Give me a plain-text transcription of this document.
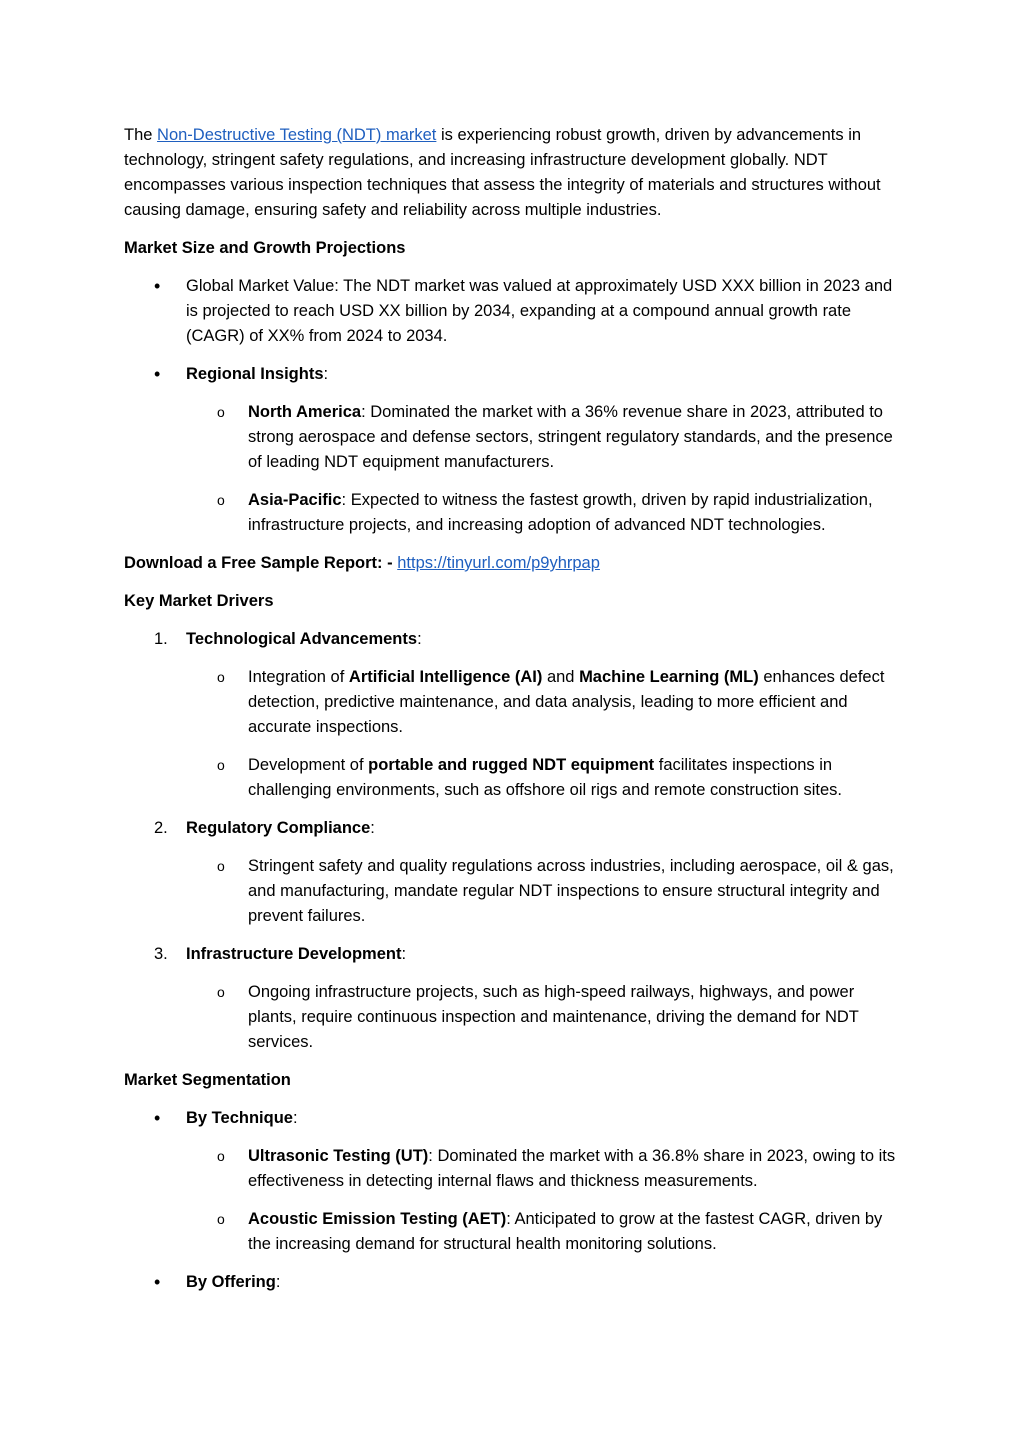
The Non-Destructive Testing (NDT) market is experiencing robust growth, driven by advancements in technology, stringent safety regulations, and increasing infrastructure development globally. NDT encompasses various inspection techniques that assess the integrity of materials and structures without causing damage, ensuring safety and reliability across multiple industries.

Market Size and Growth Projections

• Global Market Value: The NDT market was valued at approximately USD XXX billion in 2023 and is projected to reach USD XX billion by 2034, expanding at a compound annual growth rate (CAGR) of XX% from 2024 to 2034.
• Regional Insights:
o North America: Dominated the market with a 36% revenue share in 2023, attributed to strong aerospace and defense sectors, stringent regulatory standards, and the presence of leading NDT equipment manufacturers.
o Asia-Pacific: Expected to witness the fastest growth, driven by rapid industrialization, infrastructure projects, and increasing adoption of advanced NDT technologies.

Download a Free Sample Report: - https://tinyurl.com/p9yhrpap

Key Market Drivers

1. Technological Advancements:
o Integration of Artificial Intelligence (AI) and Machine Learning (ML) enhances defect detection, predictive maintenance, and data analysis, leading to more efficient and accurate inspections.
o Development of portable and rugged NDT equipment facilitates inspections in challenging environments, such as offshore oil rigs and remote construction sites.
2. Regulatory Compliance:
o Stringent safety and quality regulations across industries, including aerospace, oil & gas, and manufacturing, mandate regular NDT inspections to ensure structural integrity and prevent failures.
3. Infrastructure Development:
o Ongoing infrastructure projects, such as high-speed railways, highways, and power plants, require continuous inspection and maintenance, driving the demand for NDT services.

Market Segmentation

• By Technique:
o Ultrasonic Testing (UT): Dominated the market with a 36.8% share in 2023, owing to its effectiveness in detecting internal flaws and thickness measurements.
o Acoustic Emission Testing (AET): Anticipated to grow at the fastest CAGR, driven by the increasing demand for structural health monitoring solutions.
• By Offering:
